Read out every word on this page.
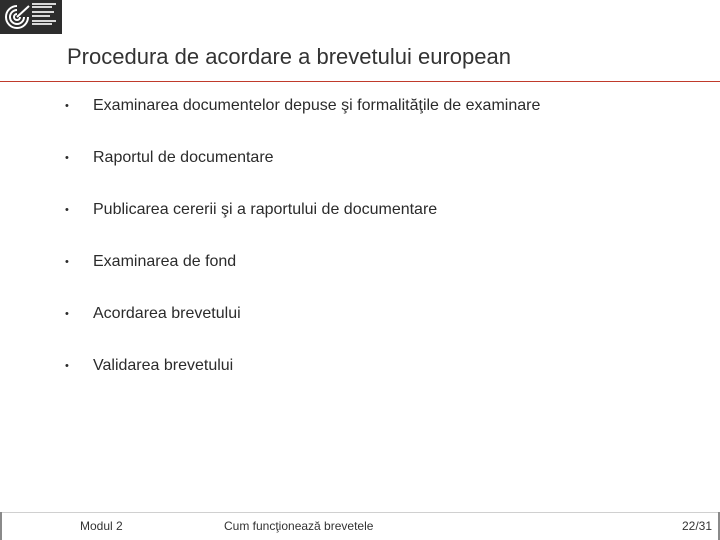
Procedura de acordare a brevetului european
• Examinarea documentelor depuse şi formalităţile de examinare
• Raportul de documentare
• Publicarea cererii şi a raportului de documentare
• Examinarea de fond
• Acordarea brevetului
• Validarea brevetului
Modul 2	Cum funcţionează brevetele	22/31
